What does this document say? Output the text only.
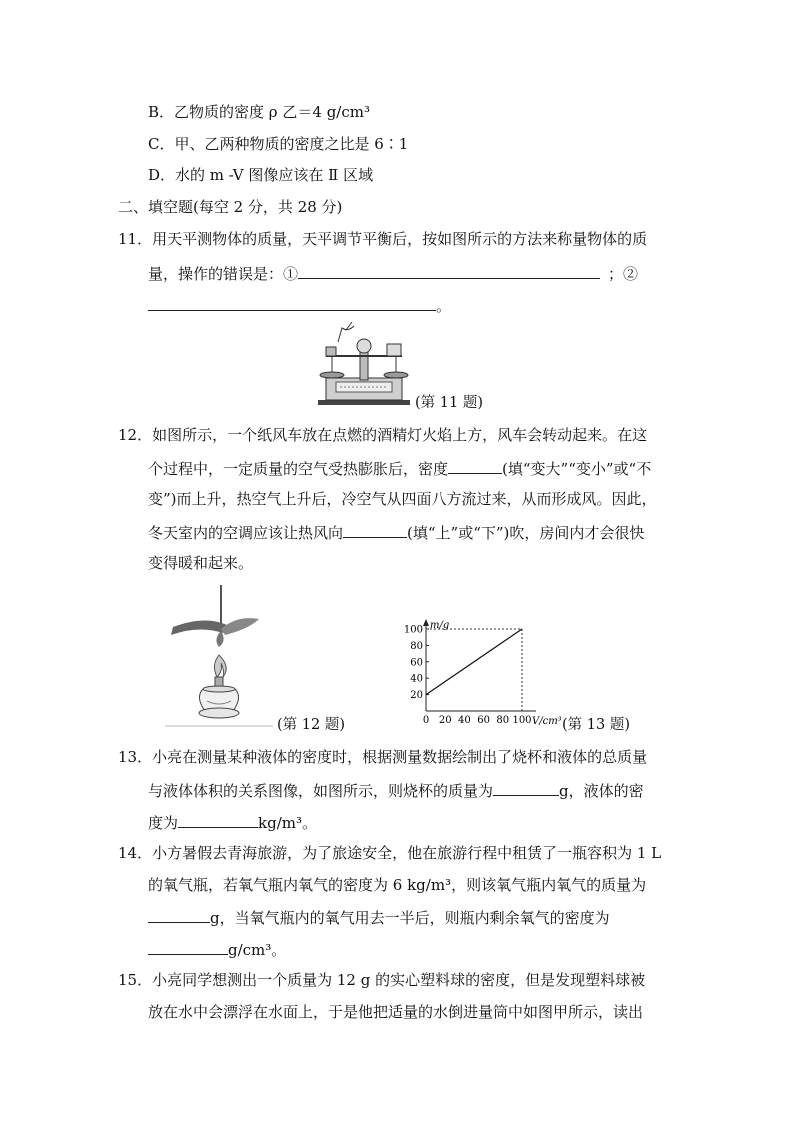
B．乙物质的密度 ρ 乙＝4 g/cm³
C．甲、乙两种物质的密度之比是 6∶1
D．水的 m -V 图像应该在 Ⅱ 区域
二、填空题(每空 2 分，共 28 分)
11．用天平测物体的质量，天平调节平衡后，按如图所示的方法来称量物体的质
量，操作的错误是：①	；②
。
(第 11 题)
12．如图所示，一个纸风车放在点燃的酒精灯火焰上方，风车会转动起来。在这
个过程中，一定质量的空气受热膨胀后，密度	(填“变大”“变小”或“不
变”)而上升，热空气上升后，冷空气从四面八方流过来，从而形成风。因此，
冬天室内的空调应该让热风向	(填“上”或“下”)吹，房间内才会很快
变得暖和起来。
(第 12 题)
m/g
V/cm³
0 20 40 60 80 100
20
40
60
80
100
(第 13 题)
13．小亮在测量某种液体的密度时，根据测量数据绘制出了烧杯和液体的总质量
与液体体积的关系图像，如图所示，则烧杯的质量为	g，液体的密
度为	kg/m³。
14．小方暑假去青海旅游，为了旅途安全，他在旅游行程中租赁了一瓶容积为 1 L
的氧气瓶，若氧气瓶内氧气的密度为 6 kg/m³，则该氧气瓶内氧气的质量为
g，当氧气瓶内的氧气用去一半后，则瓶内剩余氧气的密度为
g/cm³。
15．小亮同学想测出一个质量为 12 g 的实心塑料球的密度，但是发现塑料球被
放在水中会漂浮在水面上，于是他把适量的水倒进量筒中如图甲所示，读出
